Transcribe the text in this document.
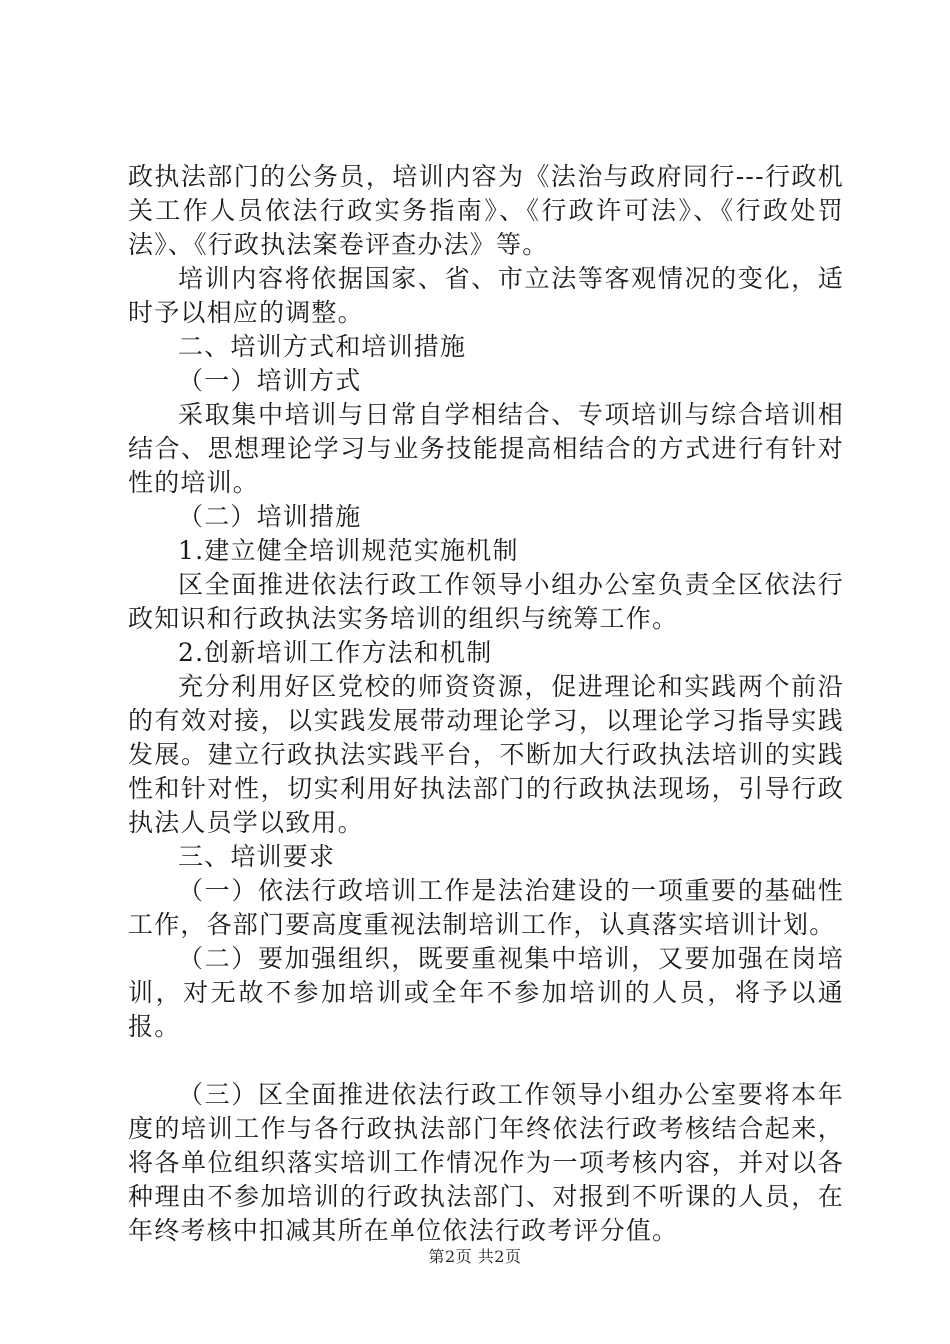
政执法部门的公务员，培训内容为《法治与政府同行---行政机关工作人员依法行政实务指南》、《行政许可法》、《行政处罚法》、《行政执法案卷评查办法》等。

培训内容将依据国家、省、市立法等客观情况的变化，适时予以相应的调整。

二、培训方式和培训措施

（一）培训方式

采取集中培训与日常自学相结合、专项培训与综合培训相结合、思想理论学习与业务技能提高相结合的方式进行有针对性的培训。

（二）培训措施

1.建立健全培训规范实施机制

区全面推进依法行政工作领导小组办公室负责全区依法行政知识和行政执法实务培训的组织与统筹工作。

2.创新培训工作方法和机制

充分利用好区党校的师资资源，促进理论和实践两个前沿的有效对接，以实践发展带动理论学习，以理论学习指导实践发展。建立行政执法实践平台，不断加大行政执法培训的实践性和针对性，切实利用好执法部门的行政执法现场，引导行政执法人员学以致用。

三、培训要求

（一）依法行政培训工作是法治建设的一项重要的基础性工作，各部门要高度重视法制培训工作，认真落实培训计划。

（二）要加强组织，既要重视集中培训，又要加强在岗培训，对无故不参加培训或全年不参加培训的人员，将予以通报。

（三）区全面推进依法行政工作领导小组办公室要将本年度的培训工作与各行政执法部门年终依法行政考核结合起来，将各单位组织落实培训工作情况作为一项考核内容，并对以各种理由不参加培训的行政执法部门、对报到不听课的人员，在年终考核中扣减其所在单位依法行政考评分值。

第2页 共2页
